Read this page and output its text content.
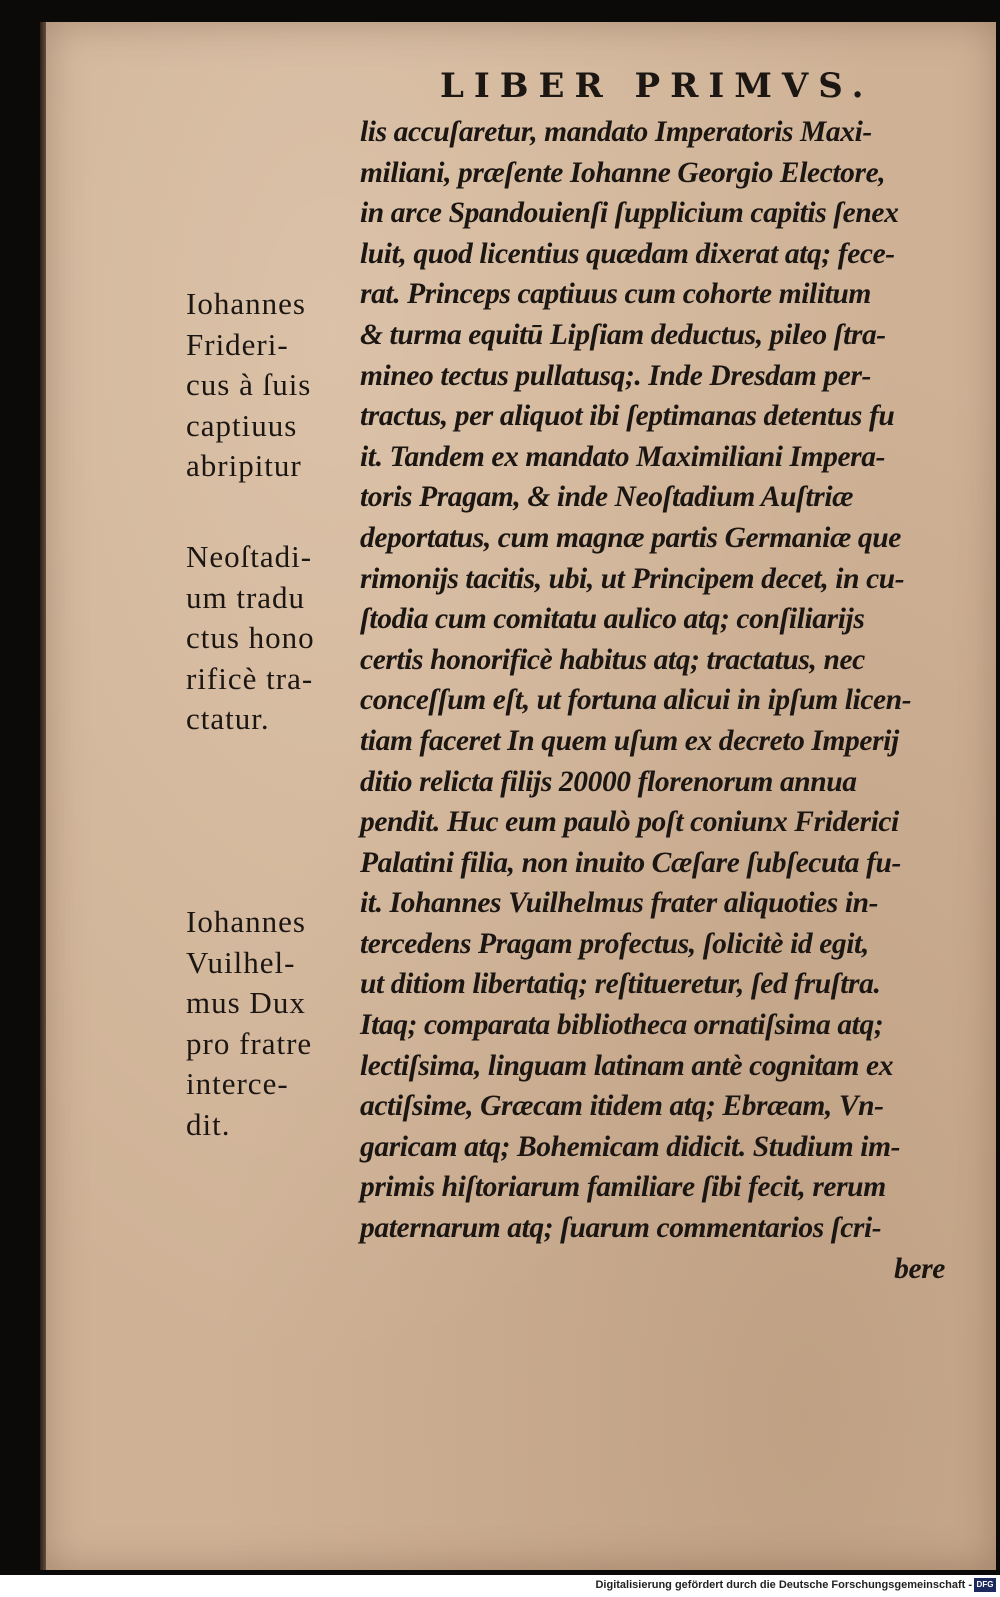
LIBER PRIMVS.
lis accuſaretur, mandato Imperatoris Maxi-
miliani, præſente Iohanne Georgio Electore,
in arce Spandouienſi ſupplicium capitis ſenex
luit, quod licentius quædam dixerat atq; fece-
rat. Princeps captiuus cum cohorte militum
& turma equitū Lipſiam deductus, pileo ſtra-
mineo tectus pullatusq;. Inde Dresdam per-
tractus, per aliquot ibi ſeptimanas detentus fu
it. Tandem ex mandato Maximiliani Impera-
toris Pragam, & inde Neoſtadium Auſtriæ
deportatus, cum magnæ partis Germaniæ que
rimonijs tacitis, ubi, ut Principem decet, in cu-
ſtodia cum comitatu aulico atq; conſiliarijs
certis honorificè habitus atq; tractatus, nec
conceſſum eſt, ut fortuna alicui in ipſum licen-
tiam faceret In quem uſum ex decreto Imperij
ditio relicta filijs 20000 florenorum annua
pendit. Huc eum paulò poſt coniunx Friderici
Palatini filia, non inuito Cæſare ſubſecuta fu-
it. Iohannes Vuilhelmus frater aliquoties in-
tercedens Pragam profectus, ſolicitè id egit,
ut ditiom libertatiq; reſtitueretur, ſed fruſtra.
Itaq; comparata bibliotheca ornatiſsima atq;
lectiſsima, linguam latinam antè cognitam ex
actiſsime, Græcam itidem atq; Ebræam, Vn-
garicam atq; Bohemicam didicit. Studium im-
primis hiſtoriarum familiare ſibi fecit, rerum
paternarum atq; ſuarum commentarios ſcri-
bere
Iohannes
Frideri-
cus à ſuis
captiuus
abripitur
Neoſtadi-
um tradu
ctus hono
rificè tra-
ctatur.
Iohannes
Vuilhel-
mus Dux
pro fratre
interce-
dit.
Digitalisierung gefördert durch die Deutsche Forschungsgemeinschaft - DFG
